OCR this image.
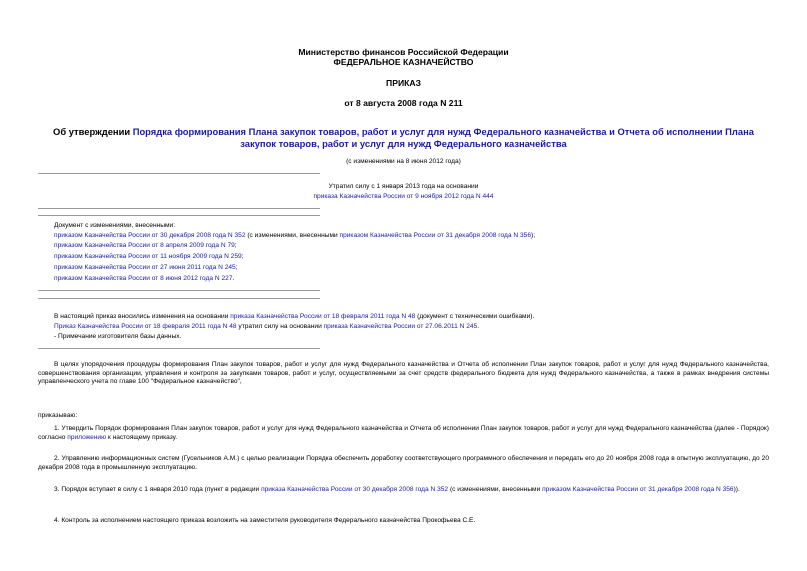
Министерство финансов Российской Федерации
ФЕДЕРАЛЬНОЕ КАЗНАЧЕЙСТВО
ПРИКАЗ
от 8 августа 2008 года N 211
Об утверждении Порядка формирования Плана закупок товаров, работ и услуг для нужд Федерального казначейства и Отчета об исполнении Плана закупок товаров, работ и услуг для нужд Федерального казначейства
(с изменениями на 8 июня 2012 года)
Утратил силу с 1 января 2013 года на основании
приказа Казначейства России от 9 ноября 2012 года N 444
Документ с изменениями, внесенными:
приказом Казначейства России от 30 декабря 2008 года N 352 (с изменениями, внесенными приказом Казначейства России от 31 декабря 2008 года N 356);
приказом Казначейства России от 8 апреля 2009 года N 79;
приказом Казначейства России от 11 ноября 2009 года N 259;
приказом Казначейства России от 27 июня 2011 года N 245;
приказом Казначейства России от 8 июня 2012 года N 227.
В настоящий приказ вносились изменения на основании приказа Казначейства России от 18 февраля 2011 года N 48 (документ с техническими ошибками).
Приказ Казначейства России от 18 февраля 2011 года N 48 утратил силу на основании приказа Казначейства России от 27.06.2011 N 245.
- Примечание изготовителя базы данных.
В целях упорядочения процедуры формирования План закупок товаров, работ и услуг для нужд Федерального казначейства и Отчета об исполнении План закупок товаров, работ и услуг для нужд Федерального казначейства, совершенствования организации, управления и контроля за закупками товаров, работ и услуг, осуществляемыми за счет средств федерального бюджета для нужд Федерального казначейства, а также в рамках внедрения системы управленческого учета по главе 100 "Федеральное казначейство",
приказываю:
1. Утвердить Порядок формирования План закупок товаров, работ и услуг для нужд Федерального казначейства и Отчета об исполнении План закупок товаров, работ и услуг для нужд Федерального казначейства (далее - Порядок) согласно приложению к настоящему приказу.
2. Управлению информационных систем (Гусельников А.М.) с целью реализации Порядка обеспечить доработку соответствующего программного обеспечения и передать его до 20 ноября 2008 года в опытную эксплуатацию, до 20 декабря 2008 года в промышленную эксплуатацию.
3. Порядок вступает в силу с 1 января 2010 года (пункт в редакции приказа Казначейства России от 30 декабря 2008 года N 352 (с изменениями, внесенными приказом Казначейства России от 31 декабря 2008 года N 356)).
4. Контроль за исполнением настоящего приказа возложить на заместителя руководителя Федерального казначейства Прокофьева С.Е.
